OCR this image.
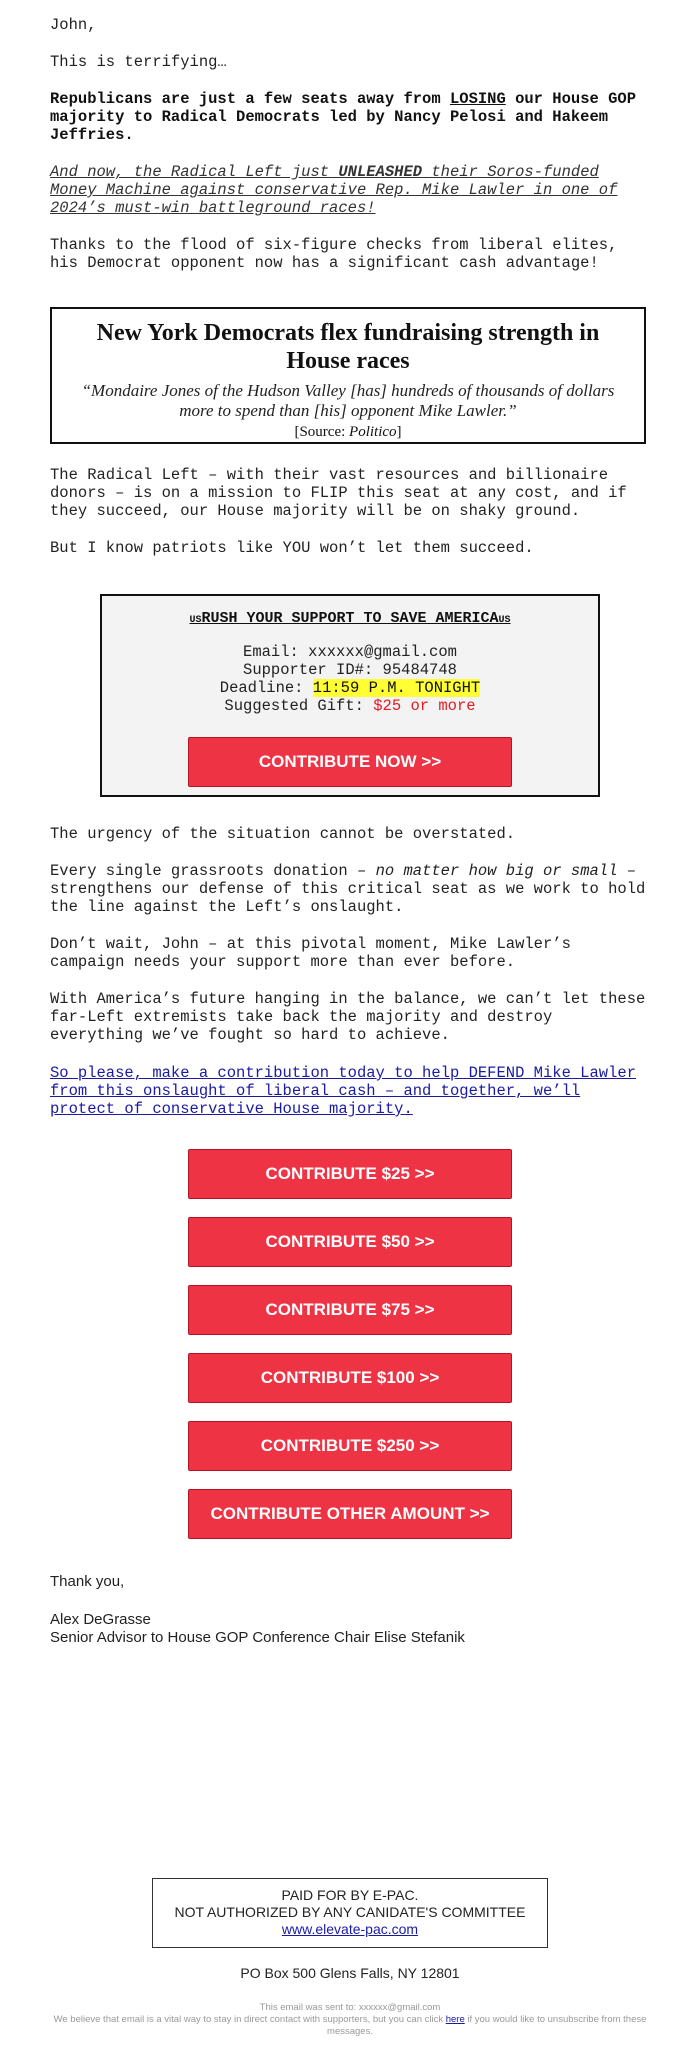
John,

This is terrifying…

Republicans are just a few seats away from LOSING our House GOP majority to Radical Democrats led by Nancy Pelosi and Hakeem Jeffries.

And now, the Radical Left just UNLEASHED their Soros-funded Money Machine against conservative Rep. Mike Lawler in one of 2024’s must-win battleground races!

Thanks to the flood of six-figure checks from liberal elites, his Democrat opponent now has a significant cash advantage!

New York Democrats flex fundraising strength in House races
“Mondaire Jones of the Hudson Valley [has] hundreds of thousands of dollars more to spend than [his] opponent Mike Lawler.”
[Source: Politico]

The Radical Left – with their vast resources and billionaire donors – is on a mission to FLIP this seat at any cost, and if they succeed, our House majority will be on shaky ground.

But I know patriots like YOU won’t let them succeed.

USRUSH YOUR SUPPORT TO SAVE AMERICAUS
Email: xxxxxx@gmail.com
Supporter ID#: 95484748
Deadline: 11:59 P.M. TONIGHT
Suggested Gift: $25 or more
CONTRIBUTE NOW >>

The urgency of the situation cannot be overstated.

Every single grassroots donation – no matter how big or small – strengthens our defense of this critical seat as we work to hold the line against the Left’s onslaught.

Don’t wait, John – at this pivotal moment, Mike Lawler’s campaign needs your support more than ever before.

With America’s future hanging in the balance, we can’t let these far-Left extremists take back the majority and destroy everything we’ve fought so hard to achieve.

So please, make a contribution today to help DEFEND Mike Lawler from this onslaught of liberal cash – and together, we’ll protect of conservative House majority.

CONTRIBUTE $25 >>
CONTRIBUTE $50 >>
CONTRIBUTE $75 >>
CONTRIBUTE $100 >>
CONTRIBUTE $250 >>
CONTRIBUTE OTHER AMOUNT >>
Thank you,
Alex DeGrasse
Senior Advisor to House GOP Conference Chair Elise Stefanik
PAID FOR BY E-PAC.
NOT AUTHORIZED BY ANY CANIDATE'S COMMITTEE
www.elevate-pac.com
PO Box 500 Glens Falls, NY 12801
This email was sent to: xxxxxx@gmail.com
We believe that email is a vital way to stay in direct contact with supporters, but you can click here if you would like to unsubscribe from these messages.
